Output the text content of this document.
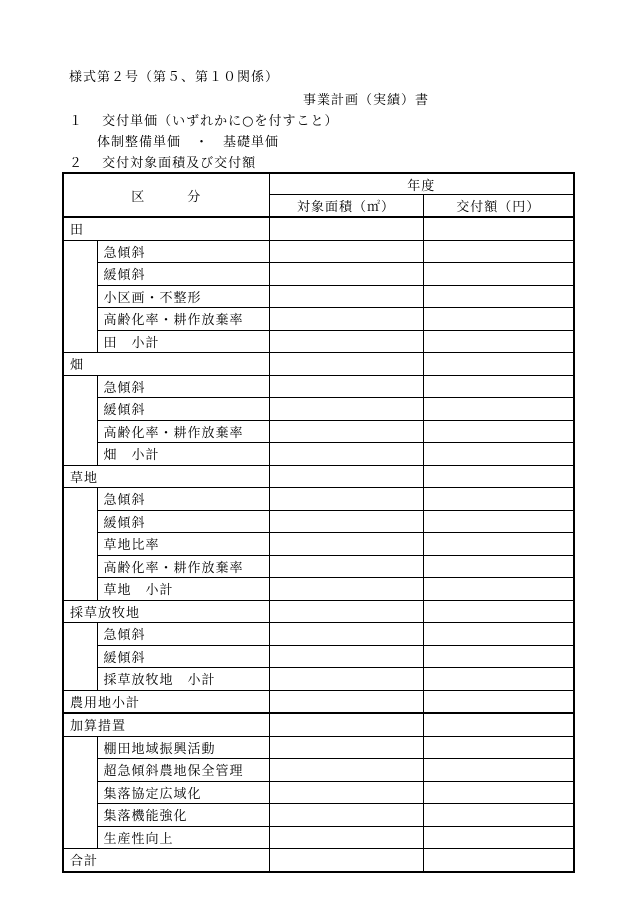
様式第２号（第５、第１０関係）
事業計画（実績）書
１ 交付単価（いずれかに○を付すこと）
体制整備単価　・　基礎単価
２ 交付対象面積及び交付額
区　　　分		年度	
		対象面積（㎡）	交付額（円）
田			
	急傾斜		
	緩傾斜		
	小区画・不整形		
	高齢化率・耕作放棄率		
	田　小計		
畑			
	急傾斜		
	緩傾斜		
	高齢化率・耕作放棄率		
	畑　小計		
草地			
	急傾斜		
	緩傾斜		
	草地比率		
	高齢化率・耕作放棄率		
	草地　小計		
採草放牧地			
	急傾斜		
	緩傾斜		
	採草放牧地　小計		
農用地小計			
加算措置			
	棚田地域振興活動		
	超急傾斜農地保全管理		
	集落協定広域化		
	集落機能強化		
	生産性向上		
合計			
